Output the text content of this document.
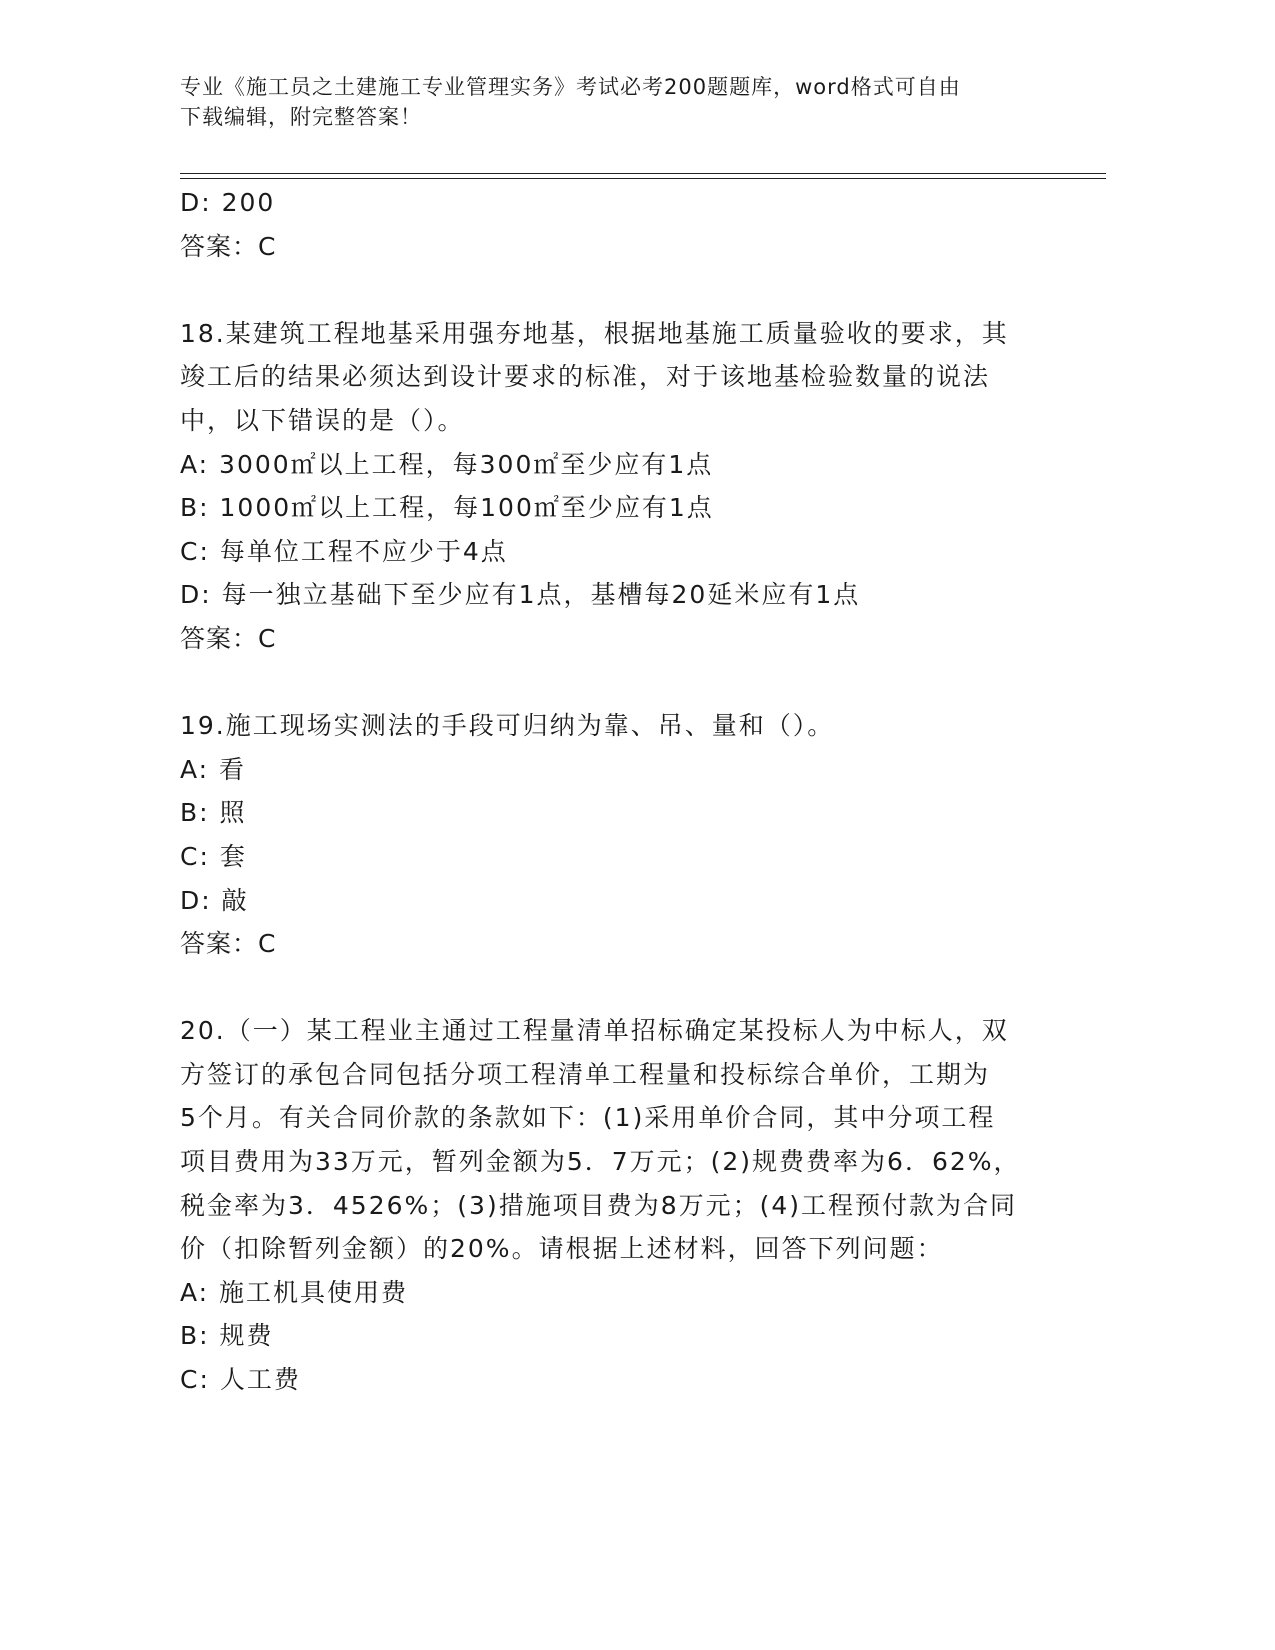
专业《施工员之土建施工专业管理实务》考试必考200题题库，word格式可自由
下载编辑，附完整答案！
D: 200
答案：C
18.某建筑工程地基采用强夯地基，根据地基施工质量验收的要求，其
竣工后的结果必须达到设计要求的标准，对于该地基检验数量的说法
中，以下错误的是（）。
A: 3000㎡以上工程，每300㎡至少应有1点
B: 1000㎡以上工程，每100㎡至少应有1点
C: 每单位工程不应少于4点
D: 每一独立基础下至少应有1点，基槽每20延米应有1点
答案：C
19.施工现场实测法的手段可归纳为靠、吊、量和（）。
A: 看
B: 照
C: 套
D: 敲
答案：C
20.（一）某工程业主通过工程量清单招标确定某投标人为中标人，双
方签订的承包合同包括分项工程清单工程量和投标综合单价，工期为
5个月。有关合同价款的条款如下：(1)采用单价合同，其中分项工程
项目费用为33万元，暂列金额为5．7万元；(2)规费费率为6．62%，
税金率为3．4526%；(3)措施项目费为8万元；(4)工程预付款为合同
价（扣除暂列金额）的20%。请根据上述材料，回答下列问题：
A: 施工机具使用费
B: 规费
C: 人工费
